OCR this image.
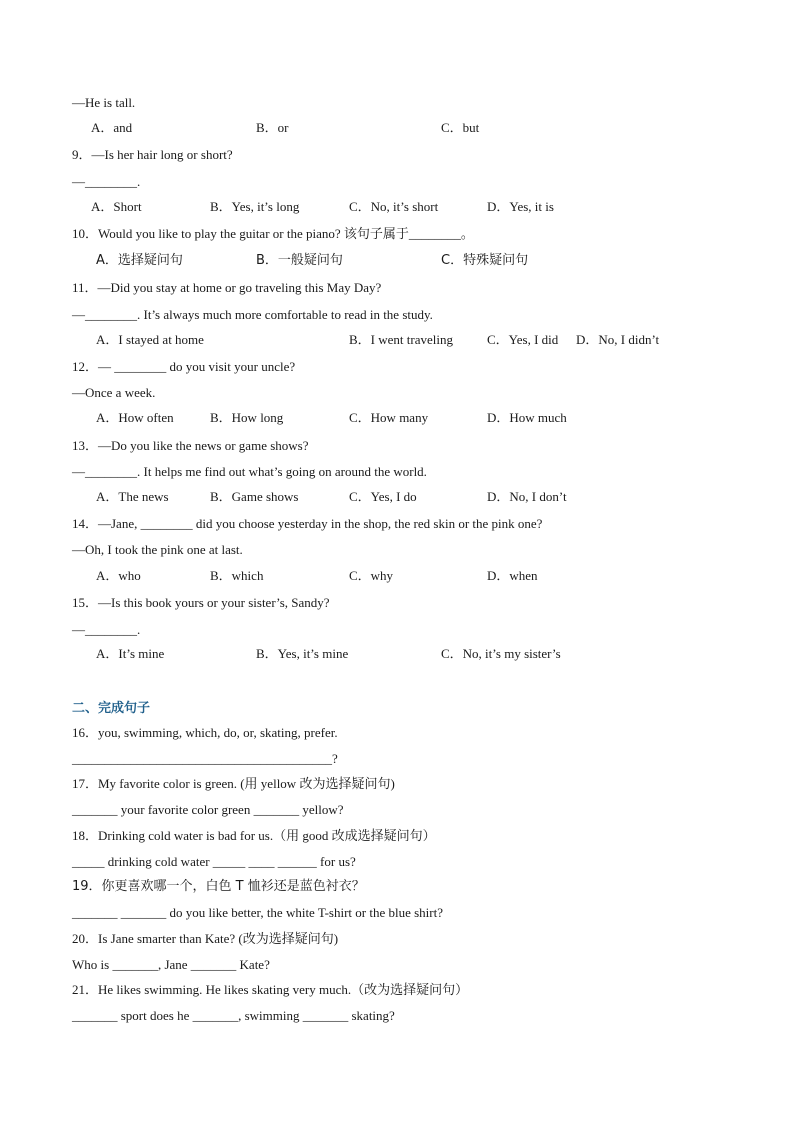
—He is tall.
A．and	B．or	C．but
9．—Is her hair long or short?
—________.
A．Short	B．Yes, it’s long	C．No, it’s short	D．Yes, it is
10．Would you like to play the guitar or the piano? 该句子属于________。
A．选择疑问句	B．一般疑问句	C．特殊疑问句
11．—Did you stay at home or go traveling this May Day?
—________. It’s always much more comfortable to read in the study.
A．I stayed at home	B．I went traveling	C．Yes, I did D．No, I didn’t
12．— ________ do you visit your uncle?
—Once a week.
A．How often	B．How long	C．How many	D．How much
13．—Do you like the news or game shows?
—________. It helps me find out what’s going on around the world.
A．The news	B．Game shows	C．Yes, I do	D．No, I don’t
14．—Jane, ________ did you choose yesterday in the shop, the red skin or the pink one?
—Oh, I took the pink one at last.
A．who	B．which	C．why	D．when
15．—Is this book yours or your sister’s, Sandy?
—________.
A．It’s mine	B．Yes, it’s mine	C．No, it’s my sister’s
二、完成句子
16．you, swimming, which, do, or, skating, prefer.
________________________________________?
17．My favorite color is green. (用 yellow 改为选择疑问句)
_______ your favorite color green _______ yellow?
18．Drinking cold water is bad for us.（用 good 改成选择疑问句）
_____ drinking cold water _____ ____ ______ for us?
19．你更喜欢哪一个，白色 T 恤衫还是蓝色衬衣？
_______ _______ do you like better, the white T-shirt or the blue shirt?
20．Is Jane smarter than Kate? (改为选择疑问句)
Who is _______, Jane _______ Kate?
21．He likes swimming. He likes skating very much.（改为选择疑问句）
_______ sport does he _______, swimming _______ skating?
